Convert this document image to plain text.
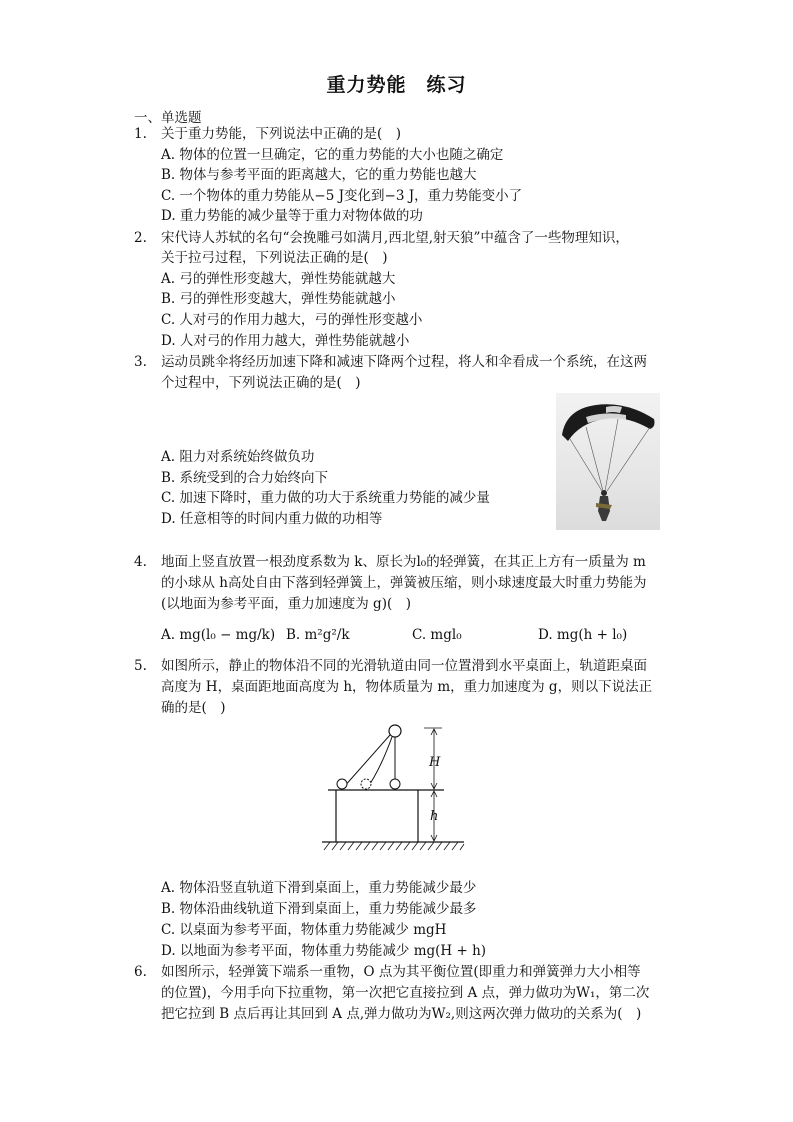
重力势能　练习
一、单选题
1. 关于重力势能，下列说法中正确的是(　)
A. 物体的位置一旦确定，它的重力势能的大小也随之确定
B. 物体与参考平面的距离越大，它的重力势能也越大
C. 一个物体的重力势能从−5 J变化到−3 J，重力势能变小了
D. 重力势能的减少量等于重力对物体做的功
2. 宋代诗人苏轼的名句“会挽雕弓如满月,西北望,射天狼”中蕴含了一些物理知识，
关于拉弓过程，下列说法正确的是(　)
A. 弓的弹性形变越大，弹性势能就越大
B. 弓的弹性形变越大，弹性势能就越小
C. 人对弓的作用力越大，弓的弹性形变越小
D. 人对弓的作用力越大，弹性势能就越小
3. 运动员跳伞将经历加速下降和减速下降两个过程，将人和伞看成一个系统，在这两
个过程中，下列说法正确的是(　)
A. 阻力对系统始终做负功
B. 系统受到的合力始终向下
C. 加速下降时，重力做的功大于系统重力势能的减少量
D. 任意相等的时间内重力做的功相等
4. 地面上竖直放置一根劲度系数为 k、原长为l₀的轻弹簧，在其正上方有一质量为 m
的小球从 h高处自由下落到轻弹簧上，弹簧被压缩，则小球速度最大时重力势能为
(以地面为参考平面，重力加速度为 g)(　)
A. mg(l₀ − mg/k) B. m²g²/k	C. mgl₀	D. mg(h + l₀)
5. 如图所示，静止的物体沿不同的光滑轨道由同一位置滑到水平桌面上，轨道距桌面
高度为 H，桌面距地面高度为 h，物体质量为 m，重力加速度为 g，则以下说法正
确的是(　)
H
h
A. 物体沿竖直轨道下滑到桌面上，重力势能减少最少
B. 物体沿曲线轨道下滑到桌面上，重力势能减少最多
C. 以桌面为参考平面，物体重力势能减少 mgH
D. 以地面为参考平面，物体重力势能减少 mg(H + h)
6. 如图所示，轻弹簧下端系一重物，O 点为其平衡位置(即重力和弹簧弹力大小相等
的位置)，今用手向下拉重物，第一次把它直接拉到 A 点，弹力做功为W₁，第二次
把它拉到 B 点后再让其回到 A 点,弹力做功为W₂,则这两次弹力做功的关系为(　)
